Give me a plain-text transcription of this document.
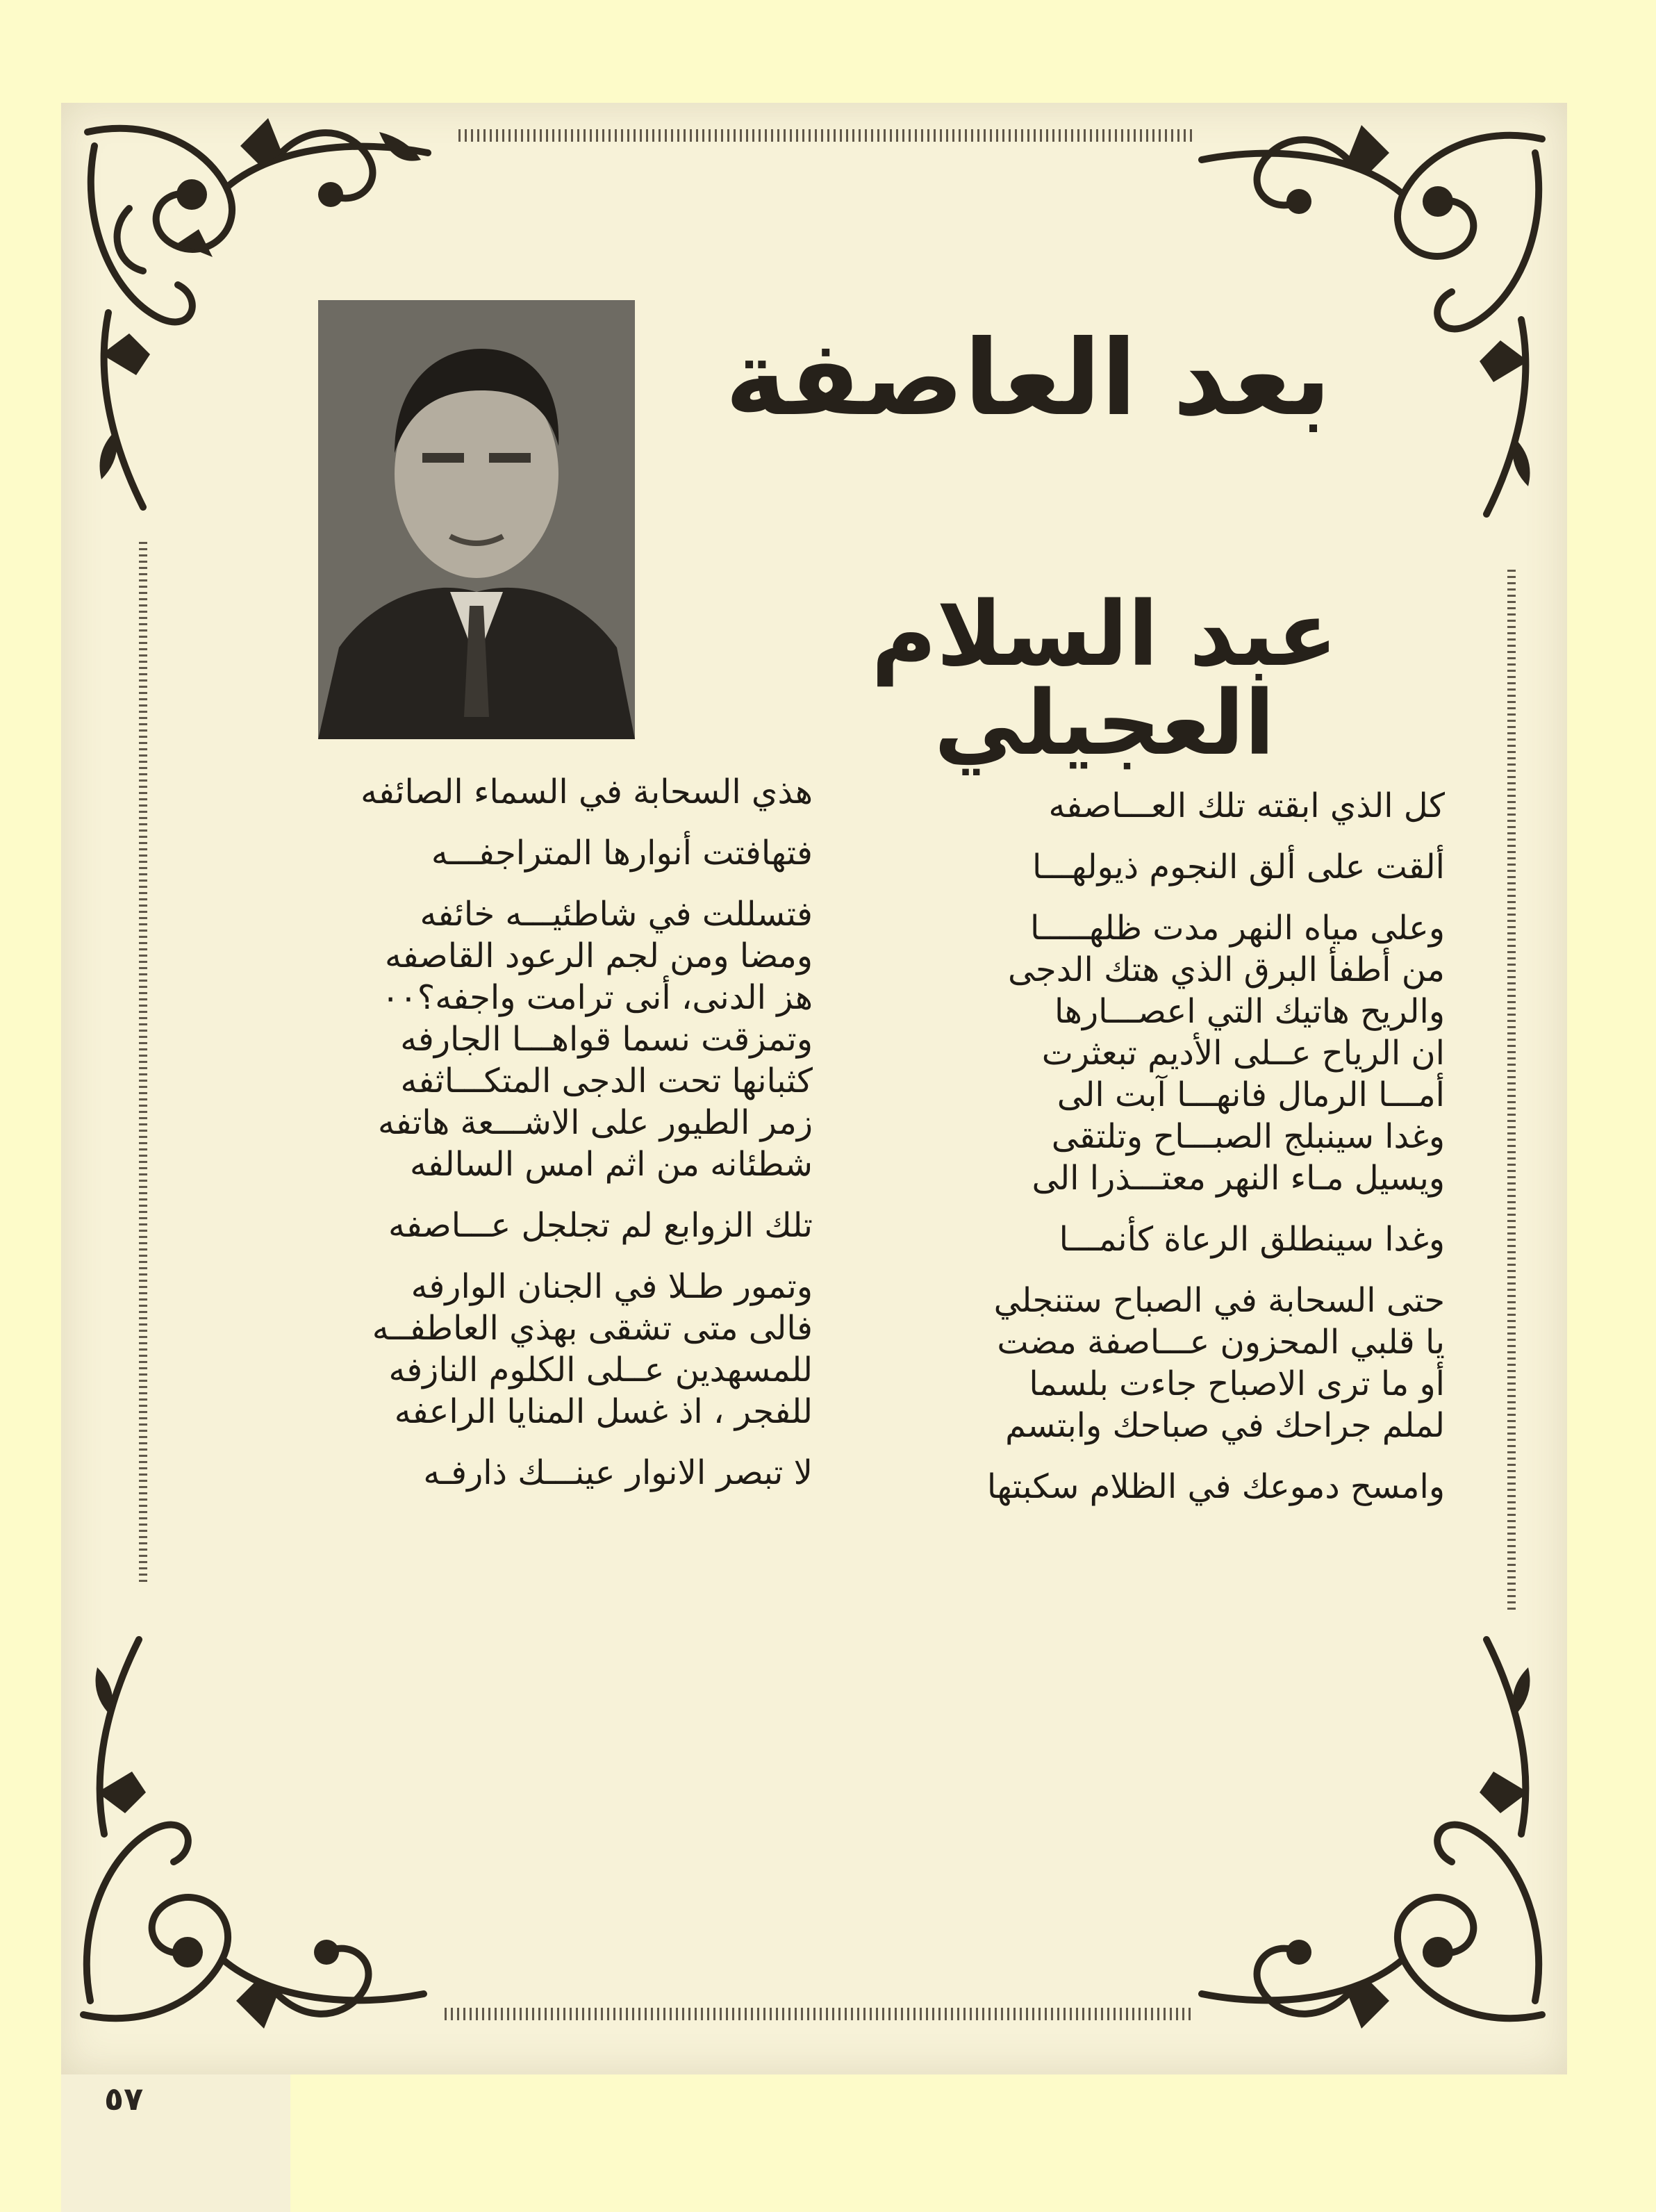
بعد العاصفة
عبد السلام العجيلي
كل الذي ابقته تلك العـــاصفه
ألقت على ألق النجوم ذيولهـــا
وعلى مياه النهر مدت ظلهـــــا
من أطفأ البرق الذي هتك الدجى
والريح هاتيك التي اعصـــارها
ان الرياح عــلى الأديم تبعثرت
أمـــا الرمال فانهـــا آبت الى
وغدا سينبلج الصبـــاح وتلتقى
ويسيل مـاء النهر معتـــذرا الى
وغدا سينطلق الرعاة كأنمـــا
حتى السحابة في الصباح ستنجلي
يا قلبي المحزون عـــاصفة مضت
أو ما ترى الاصباح جاءت بلسما
لملم جراحك في صباحك وابتسم
وامسح دموعك في الظلام سكبتها
هذي السحابة في السماء الصائفه
فتهافتت أنوارها المتراجفـــه
فتسللت في شاطئيـــه خائفه
ومضا ومن لجم الرعود القاصفه
هز الدنى، أنى ترامت واجفه؟٠٠
وتمزقت نسما قواهـــا الجارفه
كثبانها تحت الدجى المتكـــاثفه
زمر الطيور على الاشـــعة هاتفه
شطئانه من اثم امس السالفه
تلك الزوابع لم تجلجل عـــاصفه
وتمور طـلا في الجنان الوارفه
فالى متى تشقى بهذي العاطفــه
للمسهدين عــلى الكلوم النازفه
للفجر ، اذ غسل المنايا الراعفه
لا تبصر الانوار عينـــك ذارفـه
٥٧
